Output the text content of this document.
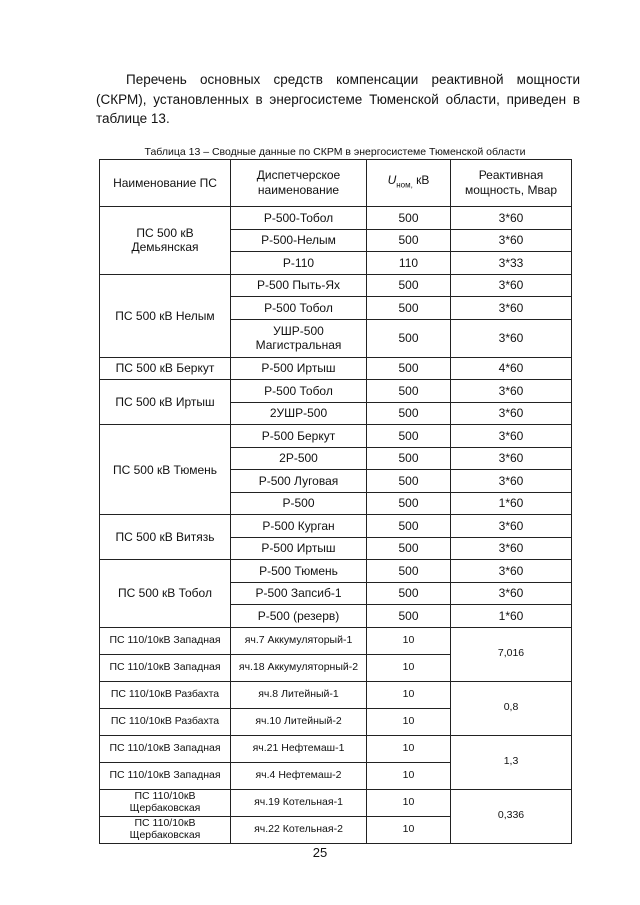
Перечень основных средств компенсации реактивной мощности (СКРМ), установленных в энергосистеме Тюменской области, приведен в таблице 13.

Таблица 13 – Сводные данные по СКРМ в энергосистеме Тюменской области

Наименование ПС	Диспетчерское наименование	$U_{ном,}$ кВ	Реактивная мощность, Мвар
ПС 500 кВ Демьянская	Р-500-Тобол	500	3*60
	Р-500-Нелым	500	3*60
	Р-110	110	3*33
ПС 500 кВ Нелым	Р-500 Пыть-Ях	500	3*60
	Р-500 Тобол	500	3*60
	УШР-500 Магистральная	500	3*60
ПС 500 кВ Беркут	Р-500 Иртыш	500	4*60
ПС 500 кВ Иртыш	Р-500 Тобол	500	3*60
	2УШР-500	500	3*60
ПС 500 кВ Тюмень	Р-500 Беркут	500	3*60
	2Р-500	500	3*60
	Р-500 Луговая	500	3*60
	Р-500	500	1*60
ПС 500 кВ Витязь	Р-500 Курган	500	3*60
	Р-500 Иртыш	500	3*60
ПС 500 кВ Тобол	Р-500 Тюмень	500	3*60
	Р-500 Запсиб-1	500	3*60
	Р-500 (резерв)	500	1*60
ПС 110/10кВ Западная	яч.7 Аккумуляторый-1	10	7,016
ПС 110/10кВ Западная	яч.18 Аккумуляторный-2	10	
ПС 110/10кВ Разбахта	яч.8 Литейный-1	10	0,8
ПС 110/10кВ Разбахта	яч.10 Литейный-2	10	
ПС 110/10кВ Западная	яч.21 Нефтемаш-1	10	1,3
ПС 110/10кВ Западная	яч.4 Нефтемаш-2	10	
ПС 110/10кВ Щербаковская	яч.19 Котельная-1	10	0,336
ПС 110/10кВ Щербаковская	яч.22 Котельная-2	10	

25
